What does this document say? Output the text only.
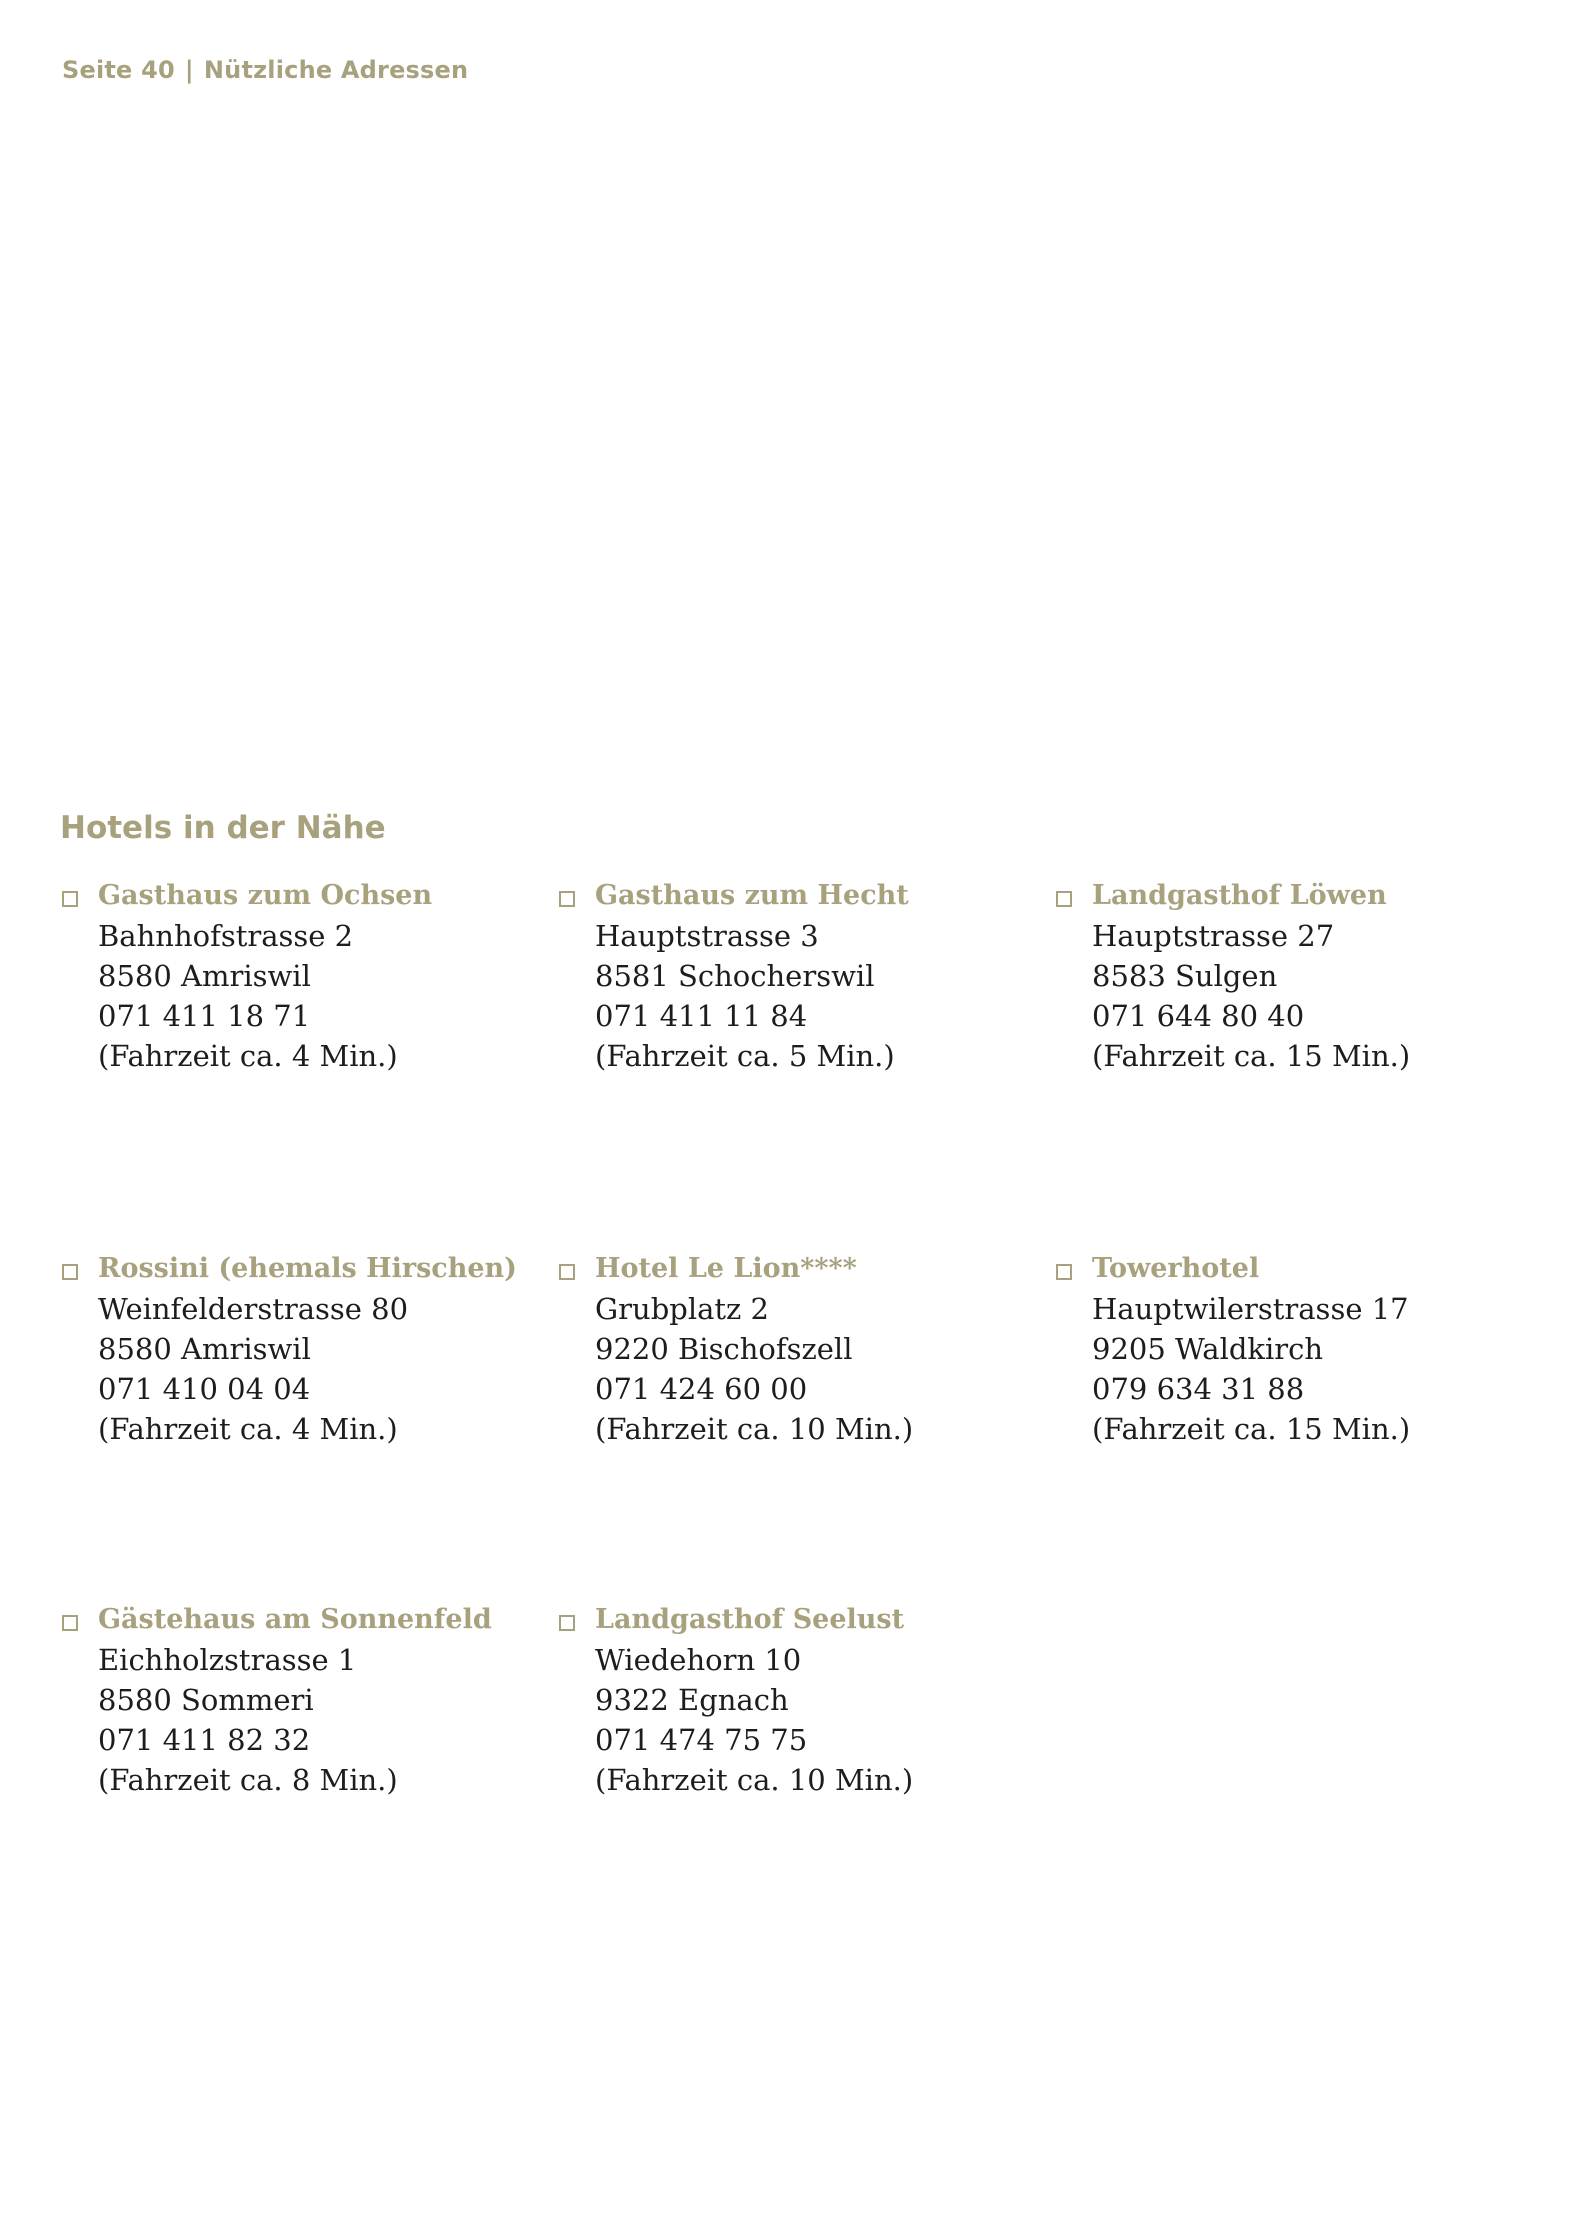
Seite 40 | Nützliche Adressen
Hotels in der Nähe
Gasthaus zum Ochsen
Bahnhofstrasse 2
8580 Amriswil
071 411 18 71
(Fahrzeit ca. 4 Min.)
Gasthaus zum Hecht
Hauptstrasse 3
8581 Schocherswil
071 411 11 84
(Fahrzeit ca. 5 Min.)
Landgasthof Löwen
Hauptstrasse 27
8583 Sulgen
071 644 80 40
(Fahrzeit ca. 15 Min.)
Rossini (ehemals Hirschen)
Weinfelderstrasse 80
8580 Amriswil
071 410 04 04
(Fahrzeit ca. 4 Min.)
Hotel Le Lion****
Grubplatz 2
9220 Bischofszell
071 424 60 00
(Fahrzeit ca. 10 Min.)
Towerhotel
Hauptwilerstrasse 17
9205 Waldkirch
079 634 31 88
(Fahrzeit ca. 15 Min.)
Gästehaus am Sonnenfeld
Eichholzstrasse 1
8580 Sommeri
071 411 82 32
(Fahrzeit ca. 8 Min.)
Landgasthof Seelust
Wiedehorn 10
9322 Egnach
071 474 75 75
(Fahrzeit ca. 10 Min.)
